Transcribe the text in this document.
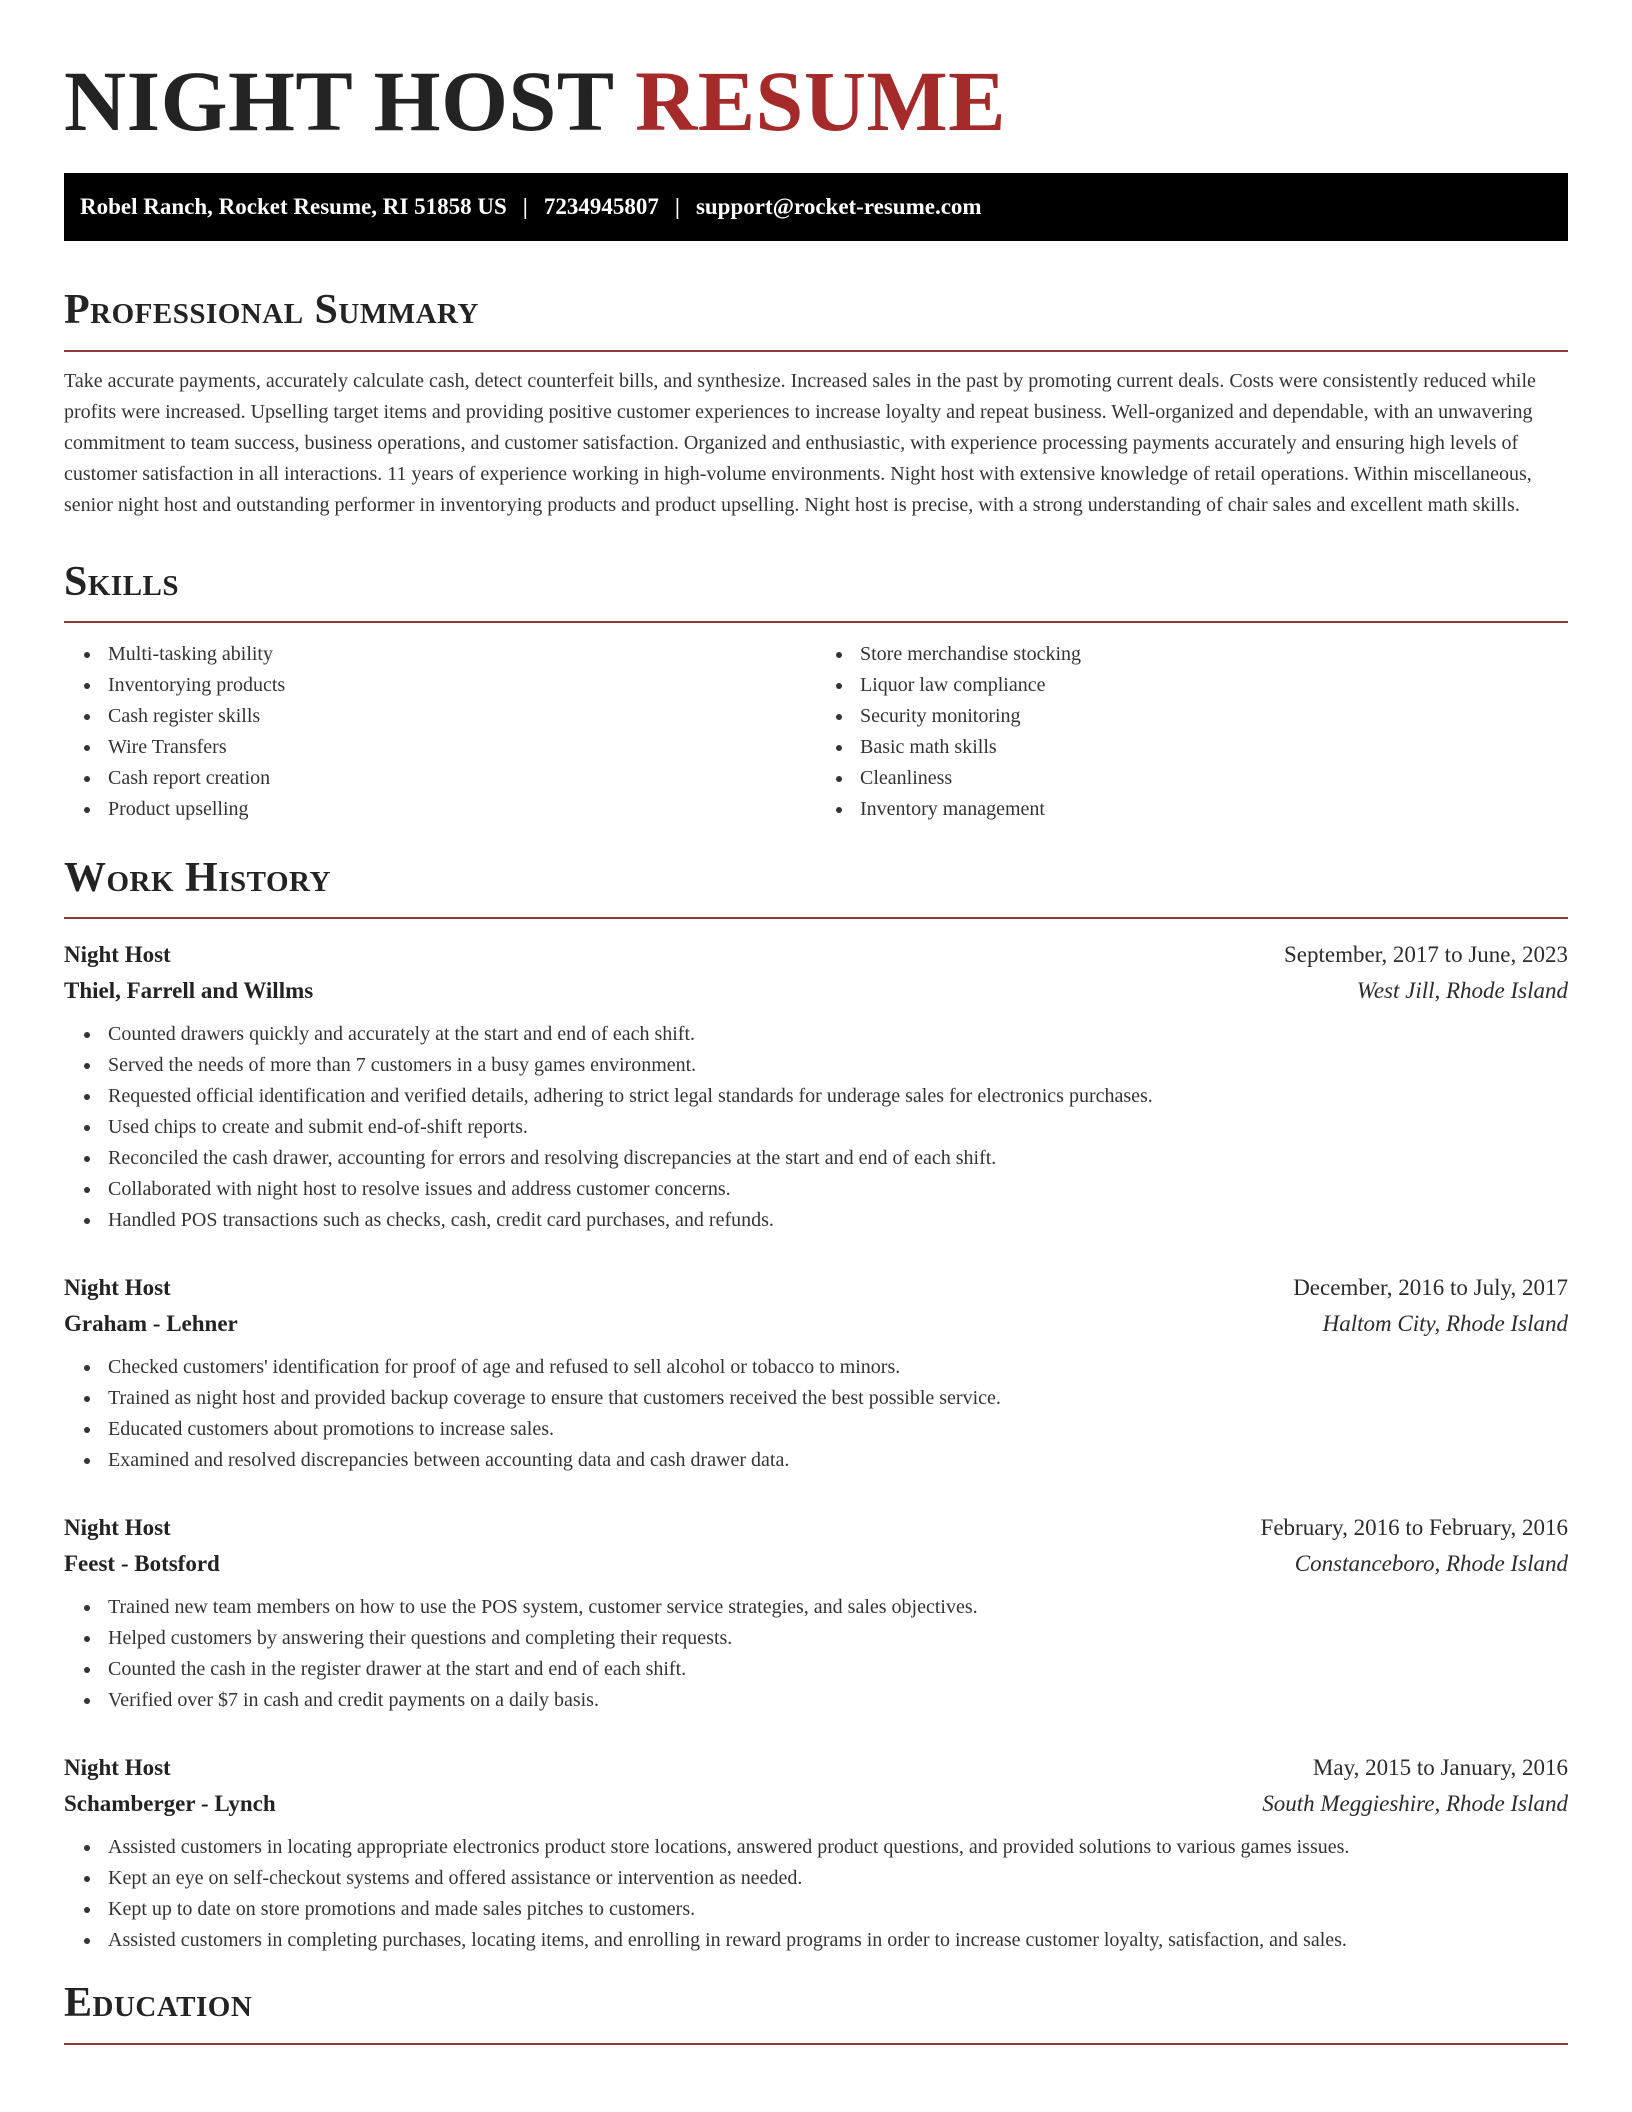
NIGHT HOST RESUME
Robel Ranch, Rocket Resume, RI 51858 US | 7234945807 | support@rocket-resume.com
Professional Summary

Take accurate payments, accurately calculate cash, detect counterfeit bills, and synthesize. Increased sales in the past by promoting current deals. Costs were consistently reduced while profits were increased. Upselling target items and providing positive customer experiences to increase loyalty and repeat business. Well-organized and dependable, with an unwavering commitment to team success, business operations, and customer satisfaction. Organized and enthusiastic, with experience processing payments accurately and ensuring high levels of customer satisfaction in all interactions. 11 years of experience working in high-volume environments. Night host with extensive knowledge of retail operations. Within miscellaneous, senior night host and outstanding performer in inventorying products and product upselling. Night host is precise, with a strong understanding of chair sales and excellent math skills.

Skills
Multi-tasking ability
Inventorying products
Cash register skills
Wire Transfers
Cash report creation
Product upselling
Store merchandise stocking
Liquor law compliance
Security monitoring
Basic math skills
Cleanliness
Inventory management
Work History
Night Host	September, 2017 to June, 2023
Thiel, Farrell and Willms	West Jill, Rhode Island
Counted drawers quickly and accurately at the start and end of each shift.
Served the needs of more than 7 customers in a busy games environment.
Requested official identification and verified details, adhering to strict legal standards for underage sales for electronics purchases.
Used chips to create and submit end-of-shift reports.
Reconciled the cash drawer, accounting for errors and resolving discrepancies at the start and end of each shift.
Collaborated with night host to resolve issues and address customer concerns.
Handled POS transactions such as checks, cash, credit card purchases, and refunds.
Night Host	December, 2016 to July, 2017
Graham - Lehner	Haltom City, Rhode Island
Checked customers' identification for proof of age and refused to sell alcohol or tobacco to minors.
Trained as night host and provided backup coverage to ensure that customers received the best possible service.
Educated customers about promotions to increase sales.
Examined and resolved discrepancies between accounting data and cash drawer data.
Night Host	February, 2016 to February, 2016
Feest - Botsford	Constanceboro, Rhode Island
Trained new team members on how to use the POS system, customer service strategies, and sales objectives.
Helped customers by answering their questions and completing their requests.
Counted the cash in the register drawer at the start and end of each shift.
Verified over $7 in cash and credit payments on a daily basis.
Night Host	May, 2015 to January, 2016
Schamberger - Lynch	South Meggieshire, Rhode Island
Assisted customers in locating appropriate electronics product store locations, answered product questions, and provided solutions to various games issues.
Kept an eye on self-checkout systems and offered assistance or intervention as needed.
Kept up to date on store promotions and made sales pitches to customers.
Assisted customers in completing purchases, locating items, and enrolling in reward programs in order to increase customer loyalty, satisfaction, and sales.
Education
